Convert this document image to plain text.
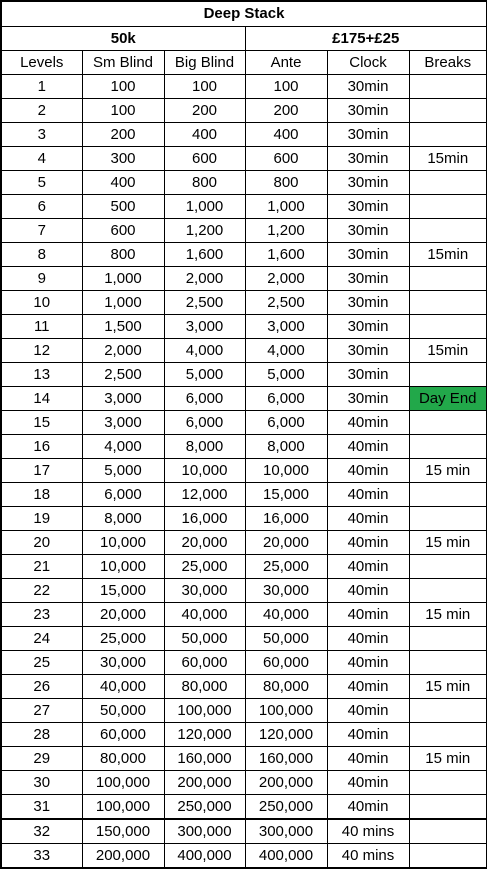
Deep Stack					
50k			£175+£25		
Levels	Sm Blind	Big Blind	Ante	Clock	Breaks
1	100	100	100	30min	
2	100	200	200	30min	
3	200	400	400	30min	
4	300	600	600	30min	15min
5	400	800	800	30min	
6	500	1,000	1,000	30min	
7	600	1,200	1,200	30min	
8	800	1,600	1,600	30min	15min
9	1,000	2,000	2,000	30min	
10	1,000	2,500	2,500	30min	
11	1,500	3,000	3,000	30min	
12	2,000	4,000	4,000	30min	15min
13	2,500	5,000	5,000	30min	
14	3,000	6,000	6,000	30min	Day End
15	3,000	6,000	6,000	40min	
16	4,000	8,000	8,000	40min	
17	5,000	10,000	10,000	40min	15 min
18	6,000	12,000	15,000	40min	
19	8,000	16,000	16,000	40min	
20	10,000	20,000	20,000	40min	15 min
21	10,000	25,000	25,000	40min	
22	15,000	30,000	30,000	40min	
23	20,000	40,000	40,000	40min	15 min
24	25,000	50,000	50,000	40min	
25	30,000	60,000	60,000	40min	
26	40,000	80,000	80,000	40min	15 min
27	50,000	100,000	100,000	40min	
28	60,000	120,000	120,000	40min	
29	80,000	160,000	160,000	40min	15 min
30	100,000	200,000	200,000	40min	
31	100,000	250,000	250,000	40min	
32	150,000	300,000	300,000	40 mins	
33	200,000	400,000	400,000	40 mins	
